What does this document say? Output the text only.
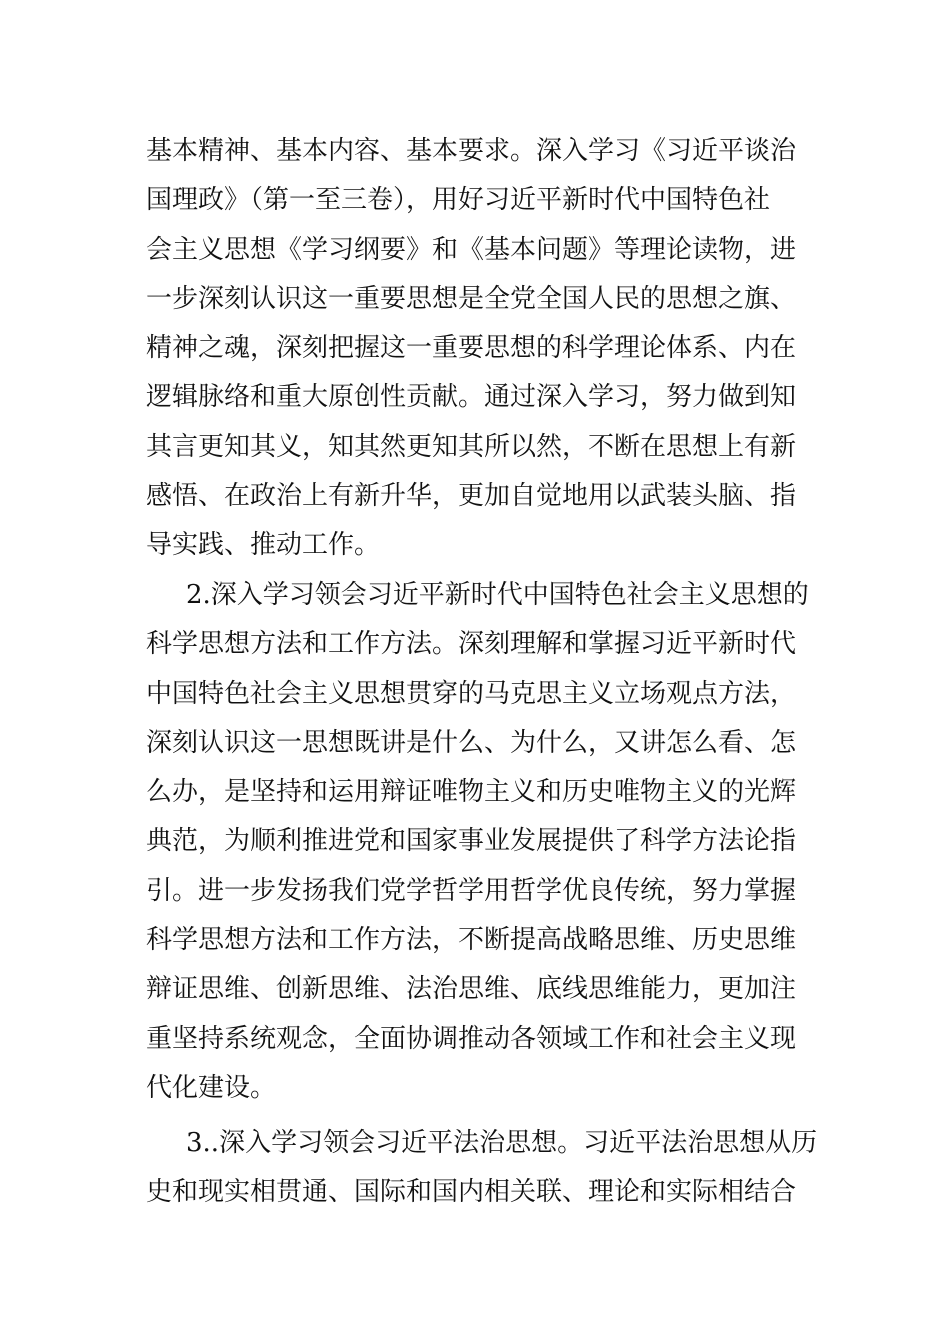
基本精神、基本内容、基本要求。深入学习《习近平谈治
国理政》（第一至三卷），用好习近平新时代中国特色社
会主义思想《学习纲要》和《基本问题》等理论读物，进
一步深刻认识这一重要思想是全党全国人民的思想之旗、
精神之魂，深刻把握这一重要思想的科学理论体系、内在
逻辑脉络和重大原创性贡献。通过深入学习，努力做到知
其言更知其义，知其然更知其所以然，不断在思想上有新
感悟、在政治上有新升华，更加自觉地用以武装头脑、指
导实践、推动工作。

2.深入学习领会习近平新时代中国特色社会主义思想的
科学思想方法和工作方法。深刻理解和掌握习近平新时代
中国特色社会主义思想贯穿的马克思主义立场观点方法，
深刻认识这一思想既讲是什么、为什么，又讲怎么看、怎
么办，是坚持和运用辩证唯物主义和历史唯物主义的光辉
典范，为顺利推进党和国家事业发展提供了科学方法论指
引。进一步发扬我们党学哲学用哲学优良传统，努力掌握
科学思想方法和工作方法，不断提高战略思维、历史思维
辩证思维、创新思维、法治思维、底线思维能力，更加注
重坚持系统观念，全面协调推动各领域工作和社会主义现
代化建设。

3..深入学习领会习近平法治思想。习近平法治思想从历
史和现实相贯通、国际和国内相关联、理论和实际相结合
